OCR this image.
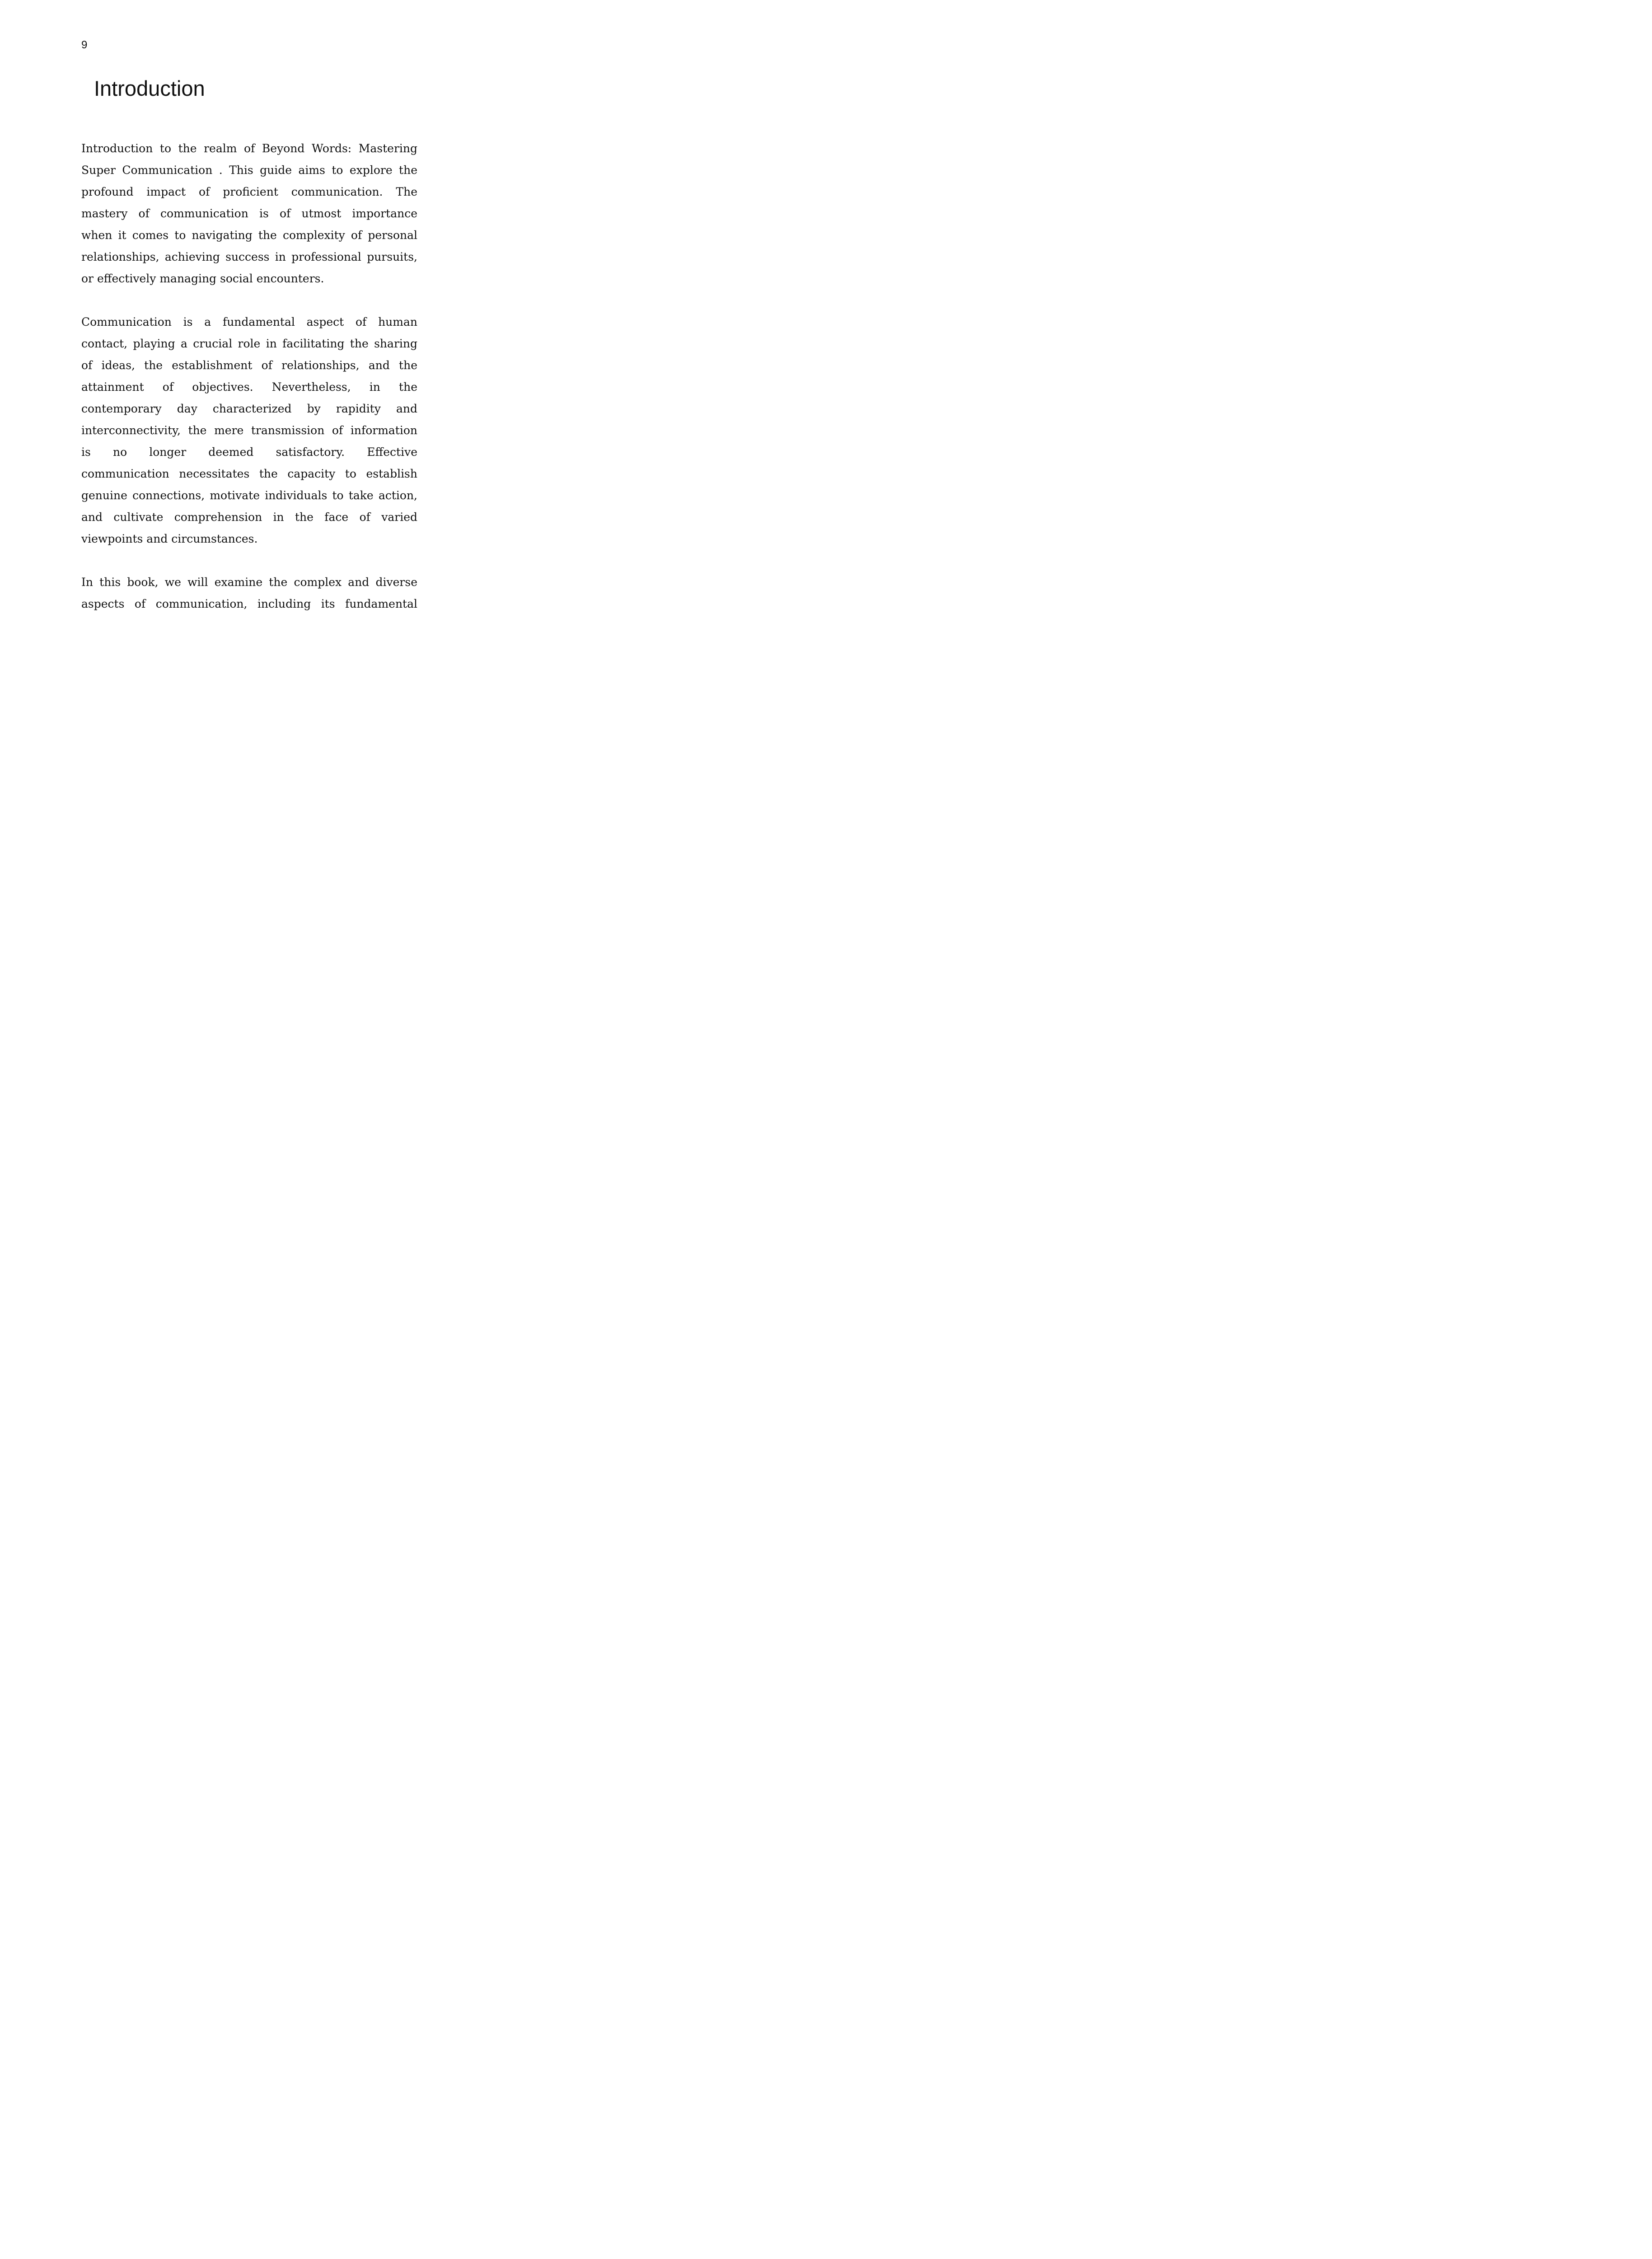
9
Introduction

Introduction to the realm of Beyond Words: Mastering
Super Communication . This guide aims to explore the
profound impact of proficient communication. The
mastery of communication is of utmost importance
when it comes to navigating the complexity of personal
relationships, achieving success in professional pursuits,
or effectively managing social encounters.

Communication is a fundamental aspect of human
contact, playing a crucial role in facilitating the sharing
of ideas, the establishment of relationships, and the
attainment of objectives. Nevertheless, in the
contemporary day characterized by rapidity and
interconnectivity, the mere transmission of information
is no longer deemed satisfactory. Effective
communication necessitates the capacity to establish
genuine connections, motivate individuals to take action,
and cultivate comprehension in the face of varied
viewpoints and circumstances.

In this book, we will examine the complex and diverse
aspects of communication, including its fundamental
